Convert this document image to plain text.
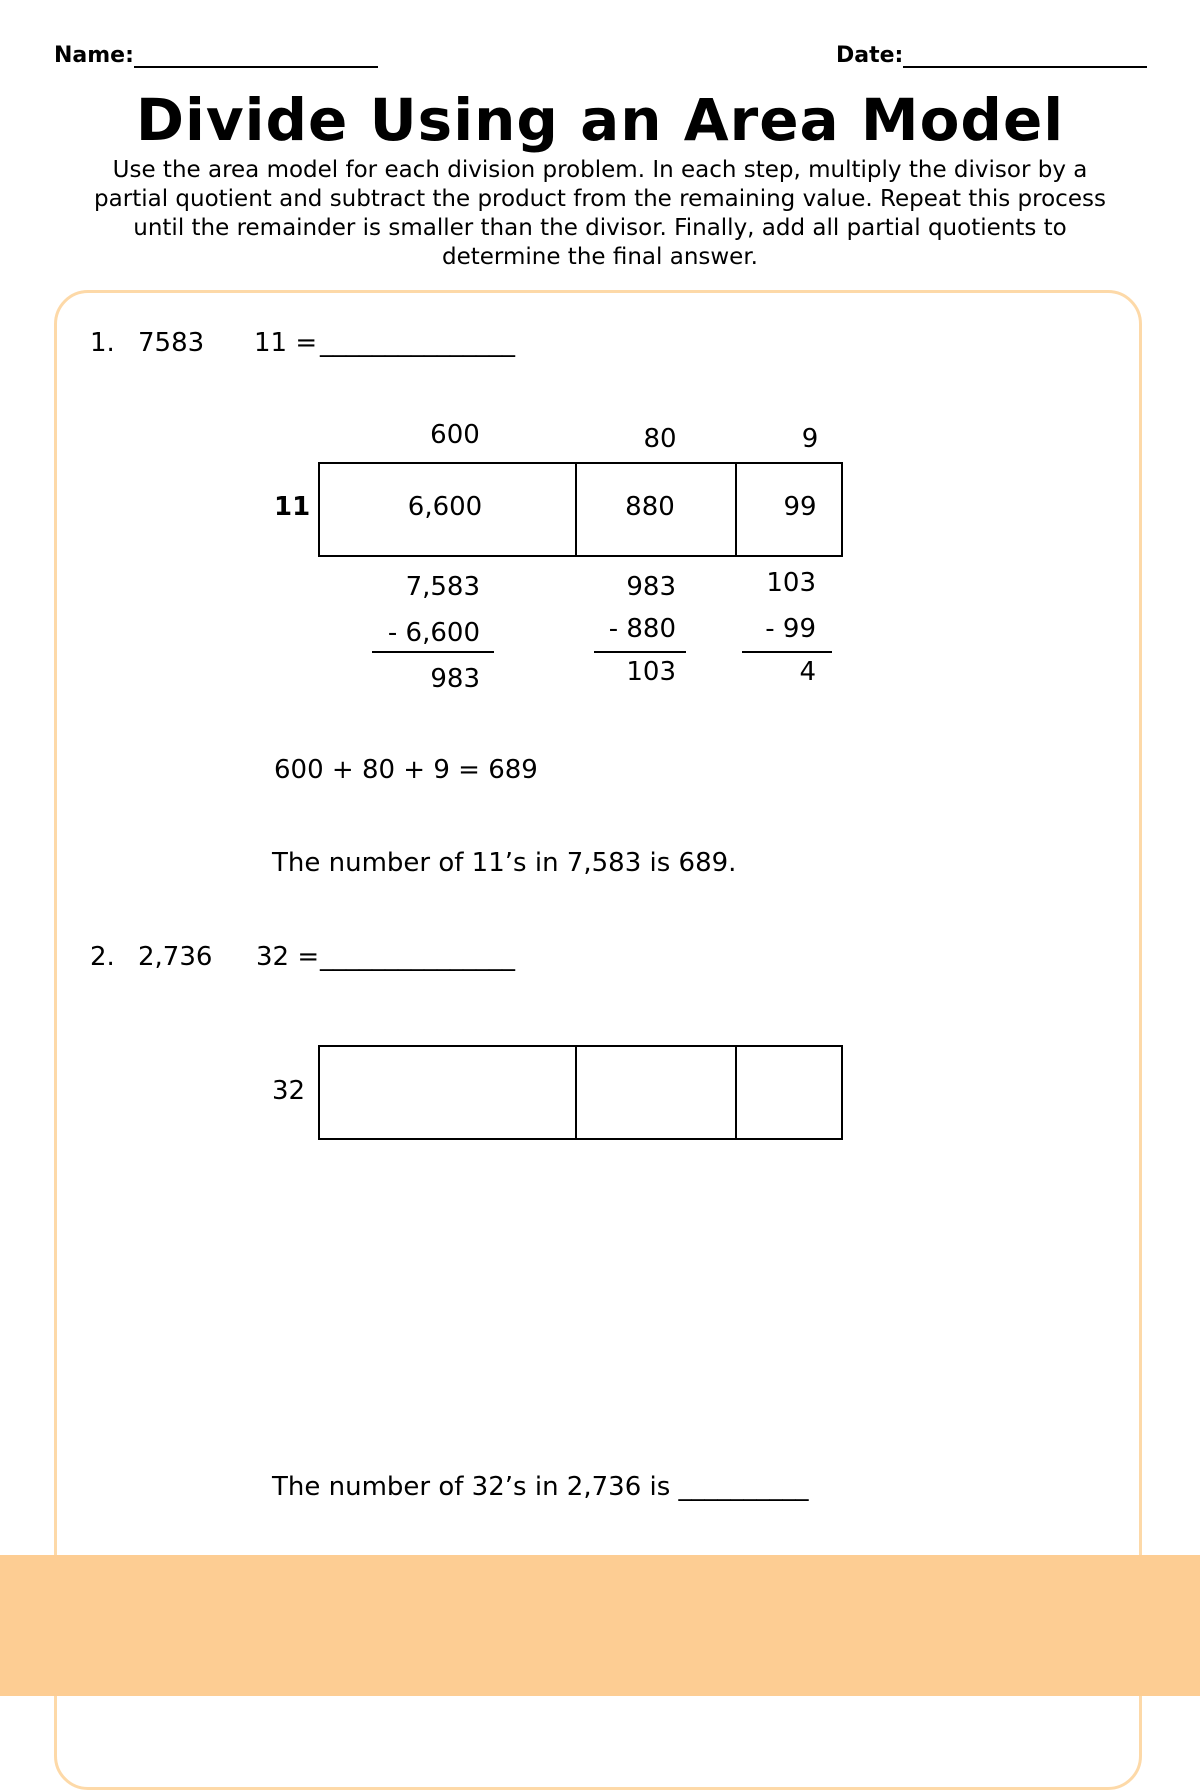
Name:	Date:
Divide Using an Area Model
Use the area model for each division problem. In each step, multiply the divisor by a partial quotient and subtract the product from the remaining value. Repeat this process until the remainder is smaller than the divisor. Finally, add all partial quotients to determine the final answer.
1. 7583 11 = _______________
600	80	9
11	6,600	880	99
7,583
- 6,600
983
983
- 880
103
103
- 99
4
600 + 80 + 9 = 689
The number of 11’s in 7,583 is 689.
2. 2,736 32 = _______________
32
The number of 32’s in 2,736 is __________
